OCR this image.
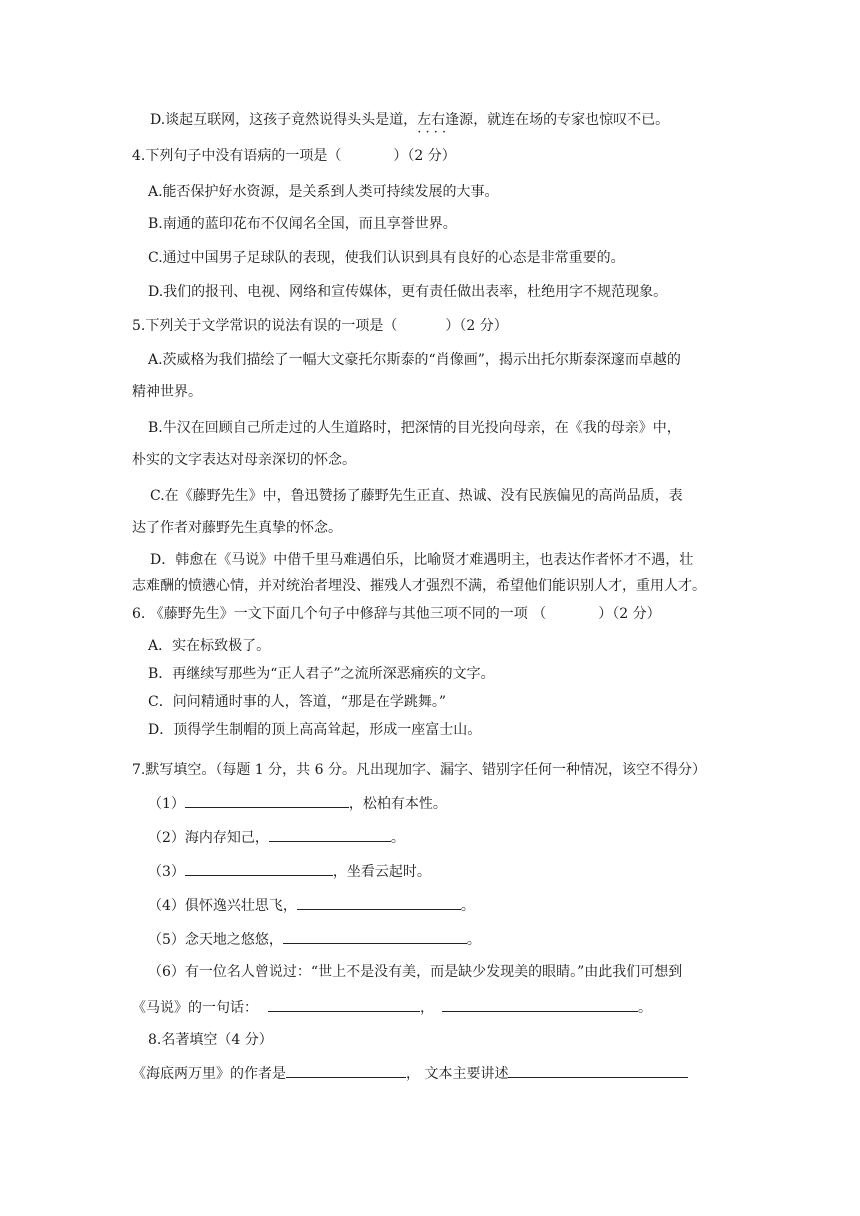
D.谈起互联网，这孩子竟然说得头头是道，左右逢源 · · ，就连在场的专家也惊叹不已。
4.下列句子中没有语病的一项是（	）（2 分）
A.能否保护好水资源，是关系到人类可持续发展的大事。
B.南通的蓝印花布不仅闻名全国，而且享誉世界。
C.通过中国男子足球队的表现，使我们认识到具有良好的心态是非常重要的。
D.我们的报刊、电视、网络和宣传媒体，更有责任做出表率，杜绝用字不规范现象。
5.下列关于文学常识的说法有误的一项是（	）（2 分）
A.茨威格为我们描绘了一幅大文豪托尔斯泰的“肖像画”，揭示出托尔斯泰深邃而卓越的
精神世界。
B.牛汉在回顾自己所走过的人生道路时，把深情的目光投向母亲，在《我的母亲》中，
朴实的文字表达对母亲深切的怀念。
C.在《藤野先生》中，鲁迅赞扬了藤野先生正直、热诚、没有民族偏见的高尚品质，表
达了作者对藤野先生真挚的怀念。
D．韩愈在《马说》中借千里马难遇伯乐，比喻贤才难遇明主，也表达作者怀才不遇，壮
志难酬的愤懑心情，并对统治者埋没、摧残人才强烈不满，希望他们能识别人才，重用人才。
6. 《藤野先生》一文下面几个句子中修辞与其他三项不同的一项 （	）（2 分）
A．实在标致极了。
B．再继续写那些为“正人君子”之流所深恶痛疾的文字。
C．问问精通时事的人，答道，“那是在学跳舞。”
D．顶得学生制帽的顶上高高耸起，形成一座富士山。
7.默写填空。（每题 1 分，共 6 分。凡出现加字、漏字、错别字任何一种情况，该空不得分）
（1）	，松柏有本性。
（2）海内存知己，	。
（3）	，坐看云起时。
（4）俱怀逸兴壮思飞，	。
（5）念天地之悠悠，	。
（6）有一位名人曾说过：“世上不是没有美，而是缺少发现美的眼睛。”由此我们可想到
《马说》的一句话：	，	。
8.名著填空（4 分）
《海底两万里》的作者是	， 文本主要讲述
